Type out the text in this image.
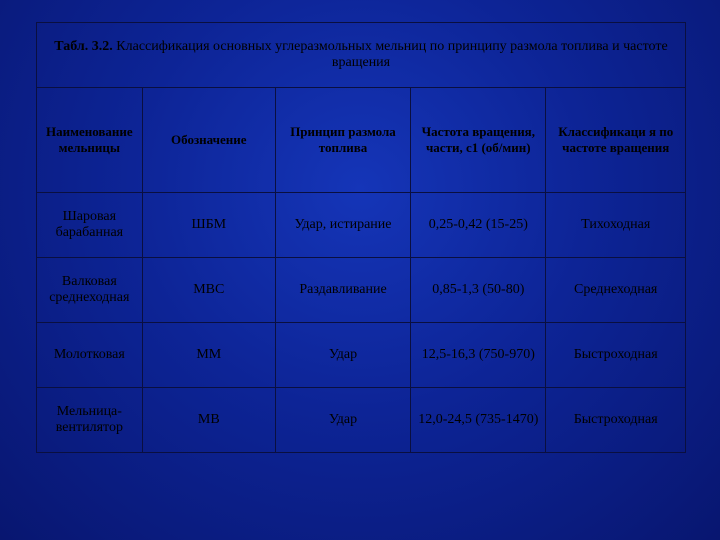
Табл. 3.2. Классификация основных углеразмольных мельниц по принципу размола топлива и частоте вращения				
Наименование мельницы	Обозначение	Принцип размола топлива	Частота вращения, части, с1 (об/мин)	Классификаци я по частоте вращения
Шаровая барабанная	ШБМ	Удар, истирание	0,25-0,42 (15-25)	Тихоходная
Валковая среднеходная	МВС	Раздавливание	0,85-1,3 (50-80)	Среднеходная
Молотковая	ММ	Удар	12,5-16,3 (750-970)	Быстроходная
Мельница-вентилятор	МВ	Удар	12,0-24,5 (735-1470)	Быстроходная
